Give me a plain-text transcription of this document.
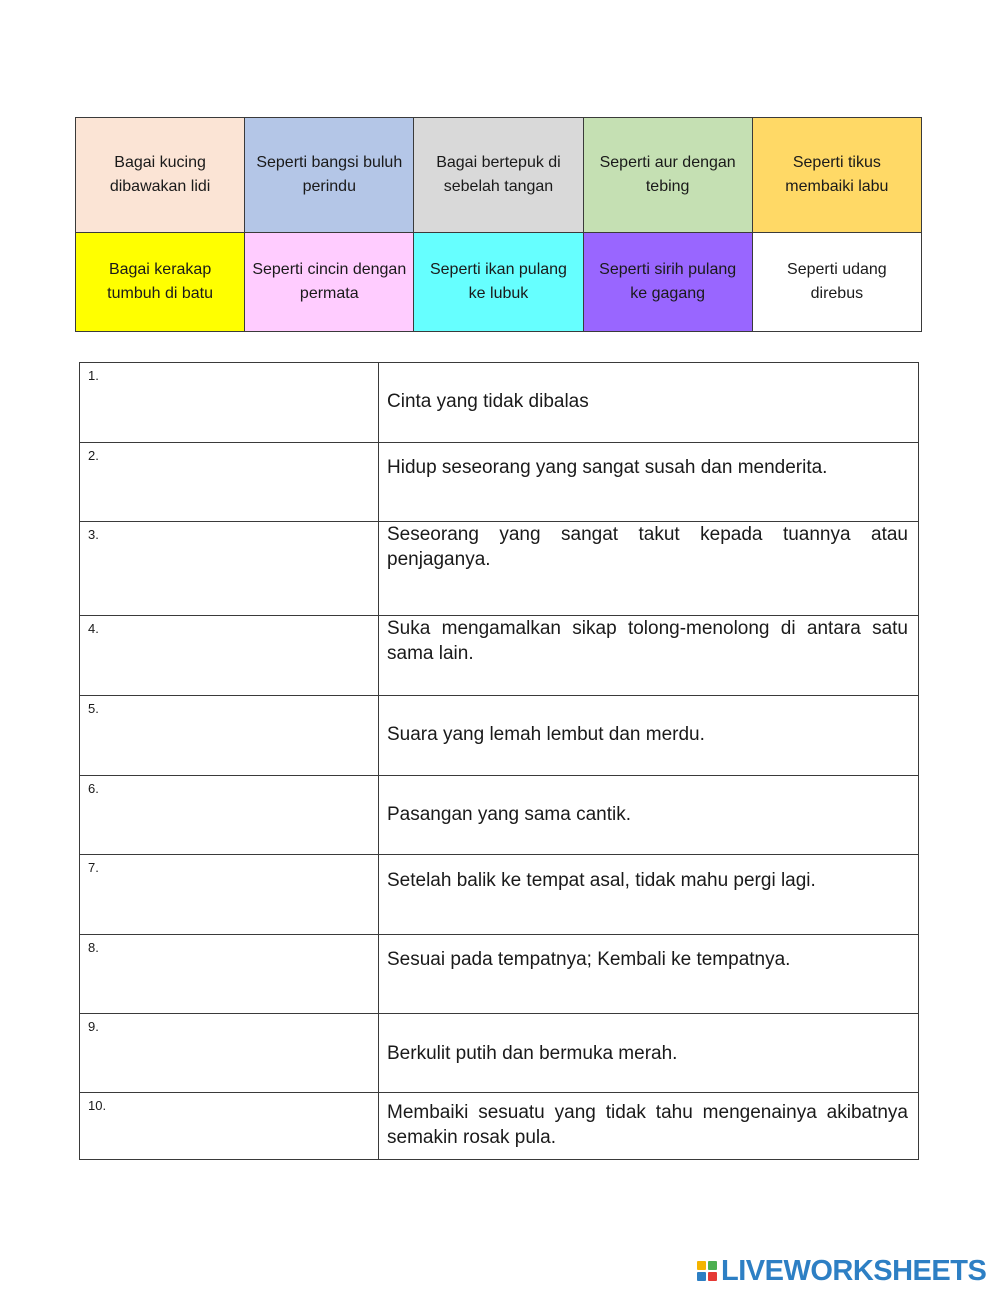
Bagai kucing dibawakan lidi	Seperti bangsi buluh perindu	Bagai bertepuk di sebelah tangan	Seperti aur dengan tebing	Seperti tikus membaiki labu
Bagai kerakap tumbuh di batu	Seperti cincin dengan permata	Seperti ikan pulang ke lubuk	Seperti sirih pulang ke gagang	Seperti udang direbus
1.	Cinta yang tidak dibalas

2.	Hidup seseorang yang sangat susah dan menderita.

3.	Seseorang yang sangat takut kepada tuannya atau penjaganya.

4.	Suka mengamalkan sikap tolong-menolong di antara satu sama lain.

5.	Suara yang lemah lembut dan merdu.

6.	Pasangan yang sama cantik.

7.	Setelah balik ke tempat asal, tidak mahu pergi lagi.

8.	Sesuai pada tempatnya; Kembali ke tempatnya.

9.	Berkulit putih dan bermuka merah.

10.	Membaiki sesuatu yang tidak tahu mengenainya akibatnya semakin rosak pula.
LIVEWORKSHEETS
